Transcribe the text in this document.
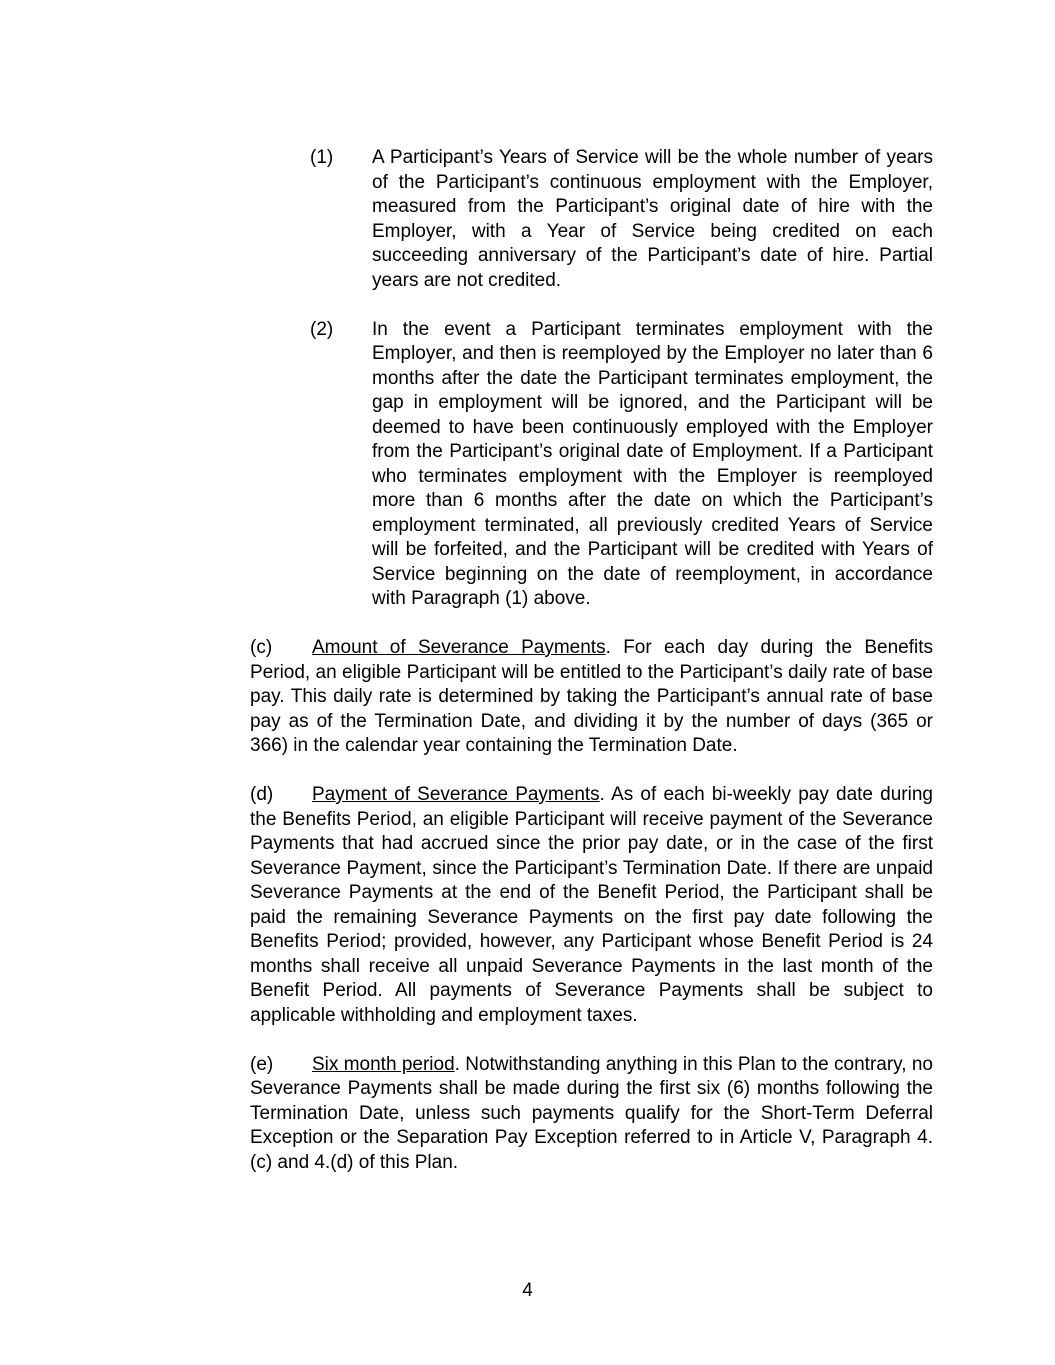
(1) A Participant’s Years of Service will be the whole number of years of the Participant’s continuous employment with the Employer, measured from the Participant’s original date of hire with the Employer, with a Year of Service being credited on each succeeding anniversary of the Participant’s date of hire. Partial years are not credited.

(2) In the event a Participant terminates employment with the Employer, and then is reemployed by the Employer no later than 6 months after the date the Participant terminates employment, the gap in employment will be ignored, and the Participant will be deemed to have been continuously employed with the Employer from the Participant’s original date of Employment. If a Participant who terminates employment with the Employer is reemployed more than 6 months after the date on which the Participant’s employment terminated, all previously credited Years of Service will be forfeited, and the Participant will be credited with Years of Service beginning on the date of reemployment, in accordance with Paragraph (1) above.

(c) Amount of Severance Payments. For each day during the Benefits Period, an eligible Participant will be entitled to the Participant’s daily rate of base pay. This daily rate is determined by taking the Participant’s annual rate of base pay as of the Termination Date, and dividing it by the number of days (365 or 366) in the calendar year containing the Termination Date.

(d) Payment of Severance Payments. As of each bi-weekly pay date during the Benefits Period, an eligible Participant will receive payment of the Severance Payments that had accrued since the prior pay date, or in the case of the first Severance Payment, since the Participant’s Termination Date. If there are unpaid Severance Payments at the end of the Benefit Period, the Participant shall be paid the remaining Severance Payments on the first pay date following the Benefits Period; provided, however, any Participant whose Benefit Period is 24 months shall receive all unpaid Severance Payments in the last month of the Benefit Period. All payments of Severance Payments shall be subject to applicable withholding and employment taxes.

(e) Six month period. Notwithstanding anything in this Plan to the contrary, no Severance Payments shall be made during the first six (6) months following the Termination Date, unless such payments qualify for the Short-Term Deferral Exception or the Separation Pay Exception referred to in Article V, Paragraph 4.(c) and 4.(d) of this Plan.

4
